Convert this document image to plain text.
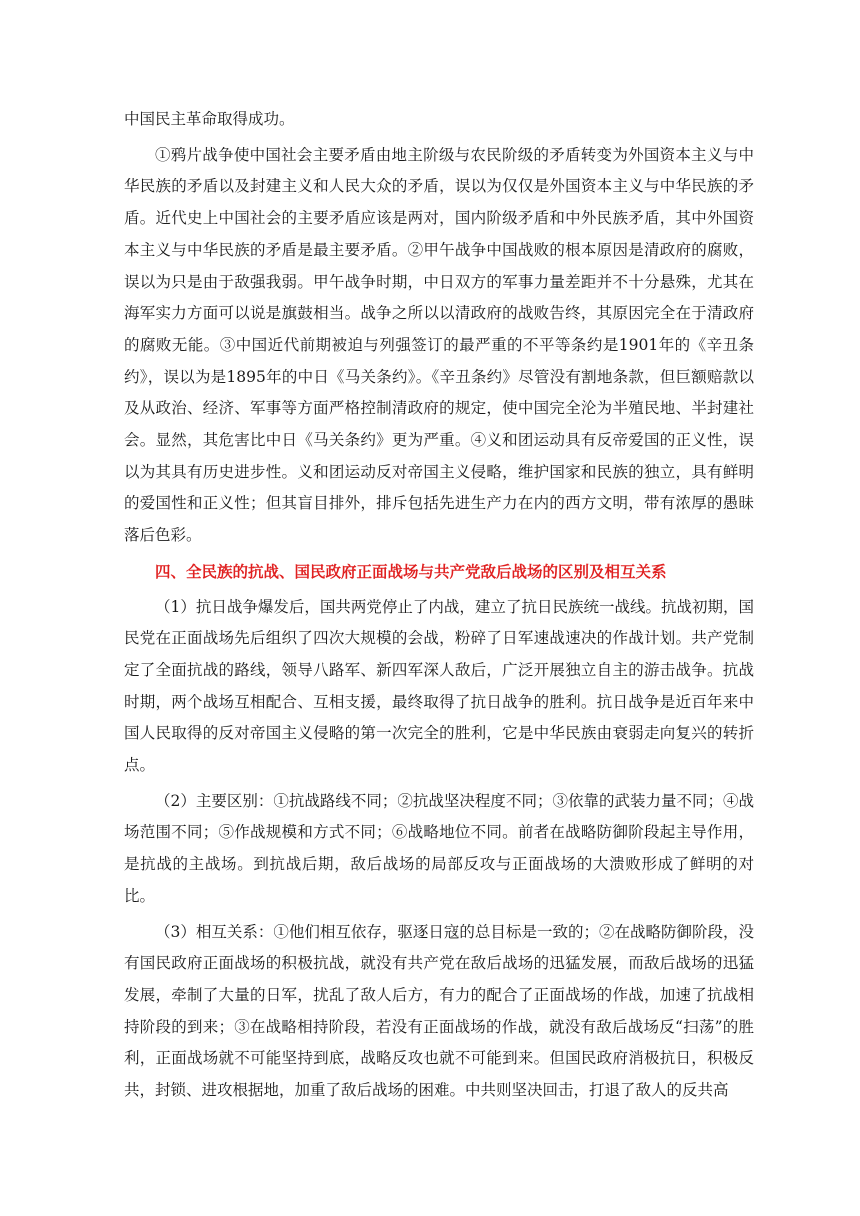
中国民主革命取得成功。

①鸦片战争使中国社会主要矛盾由地主阶级与农民阶级的矛盾转变为外国资本主义与中华民族的矛盾以及封建主义和人民大众的矛盾，误以为仅仅是外国资本主义与中华民族的矛盾。近代史上中国社会的主要矛盾应该是两对，国内阶级矛盾和中外民族矛盾，其中外国资本主义与中华民族的矛盾是最主要矛盾。②甲午战争中国战败的根本原因是清政府的腐败，误以为只是由于敌强我弱。甲午战争时期，中日双方的军事力量差距并不十分悬殊，尤其在海军实力方面可以说是旗鼓相当。战争之所以以清政府的战败告终，其原因完全在于清政府的腐败无能。③中国近代前期被迫与列强签订的最严重的不平等条约是1901年的《辛丑条约》，误以为是1895年的中日《马关条约》。《辛丑条约》尽管没有割地条款，但巨额赔款以及从政治、经济、军事等方面严格控制清政府的规定，使中国完全沦为半殖民地、半封建社会。显然，其危害比中日《马关条约》更为严重。④义和团运动具有反帝爱国的正义性，误以为其具有历史进步性。义和团运动反对帝国主义侵略，维护国家和民族的独立，具有鲜明的爱国性和正义性；但其盲目排外，排斥包括先进生产力在内的西方文明，带有浓厚的愚昧落后色彩。

四、全民族的抗战、国民政府正面战场与共产党敌后战场的区别及相互关系

（1）抗日战争爆发后，国共两党停止了内战，建立了抗日民族统一战线。抗战初期，国民党在正面战场先后组织了四次大规模的会战，粉碎了日军速战速决的作战计划。共产党制定了全面抗战的路线，领导八路军、新四军深人敌后，广泛开展独立自主的游击战争。抗战时期，两个战场互相配合、互相支援，最终取得了抗日战争的胜利。抗日战争是近百年来中国人民取得的反对帝国主义侵略的第一次完全的胜利，它是中华民族由衰弱走向复兴的转折点。

（2）主要区别：①抗战路线不同；②抗战坚决程度不同；③依靠的武装力量不同；④战场范围不同；⑤作战规模和方式不同；⑥战略地位不同。前者在战略防御阶段起主导作用，是抗战的主战场。到抗战后期，敌后战场的局部反攻与正面战场的大溃败形成了鲜明的对比。

（3）相互关系：①他们相互依存，驱逐日寇的总目标是一致的；②在战略防御阶段，没有国民政府正面战场的积极抗战，就没有共产党在敌后战场的迅猛发展，而敌后战场的迅猛发展，牵制了大量的日军，扰乱了敌人后方，有力的配合了正面战场的作战，加速了抗战相持阶段的到来；③在战略相持阶段，若没有正面战场的作战，就没有敌后战场反“扫荡”的胜利，正面战场就不可能坚持到底，战略反攻也就不可能到来。但国民政府消极抗日，积极反共，封锁、进攻根据地，加重了敌后战场的困难。中共则坚决回击，打退了敌人的反共高
